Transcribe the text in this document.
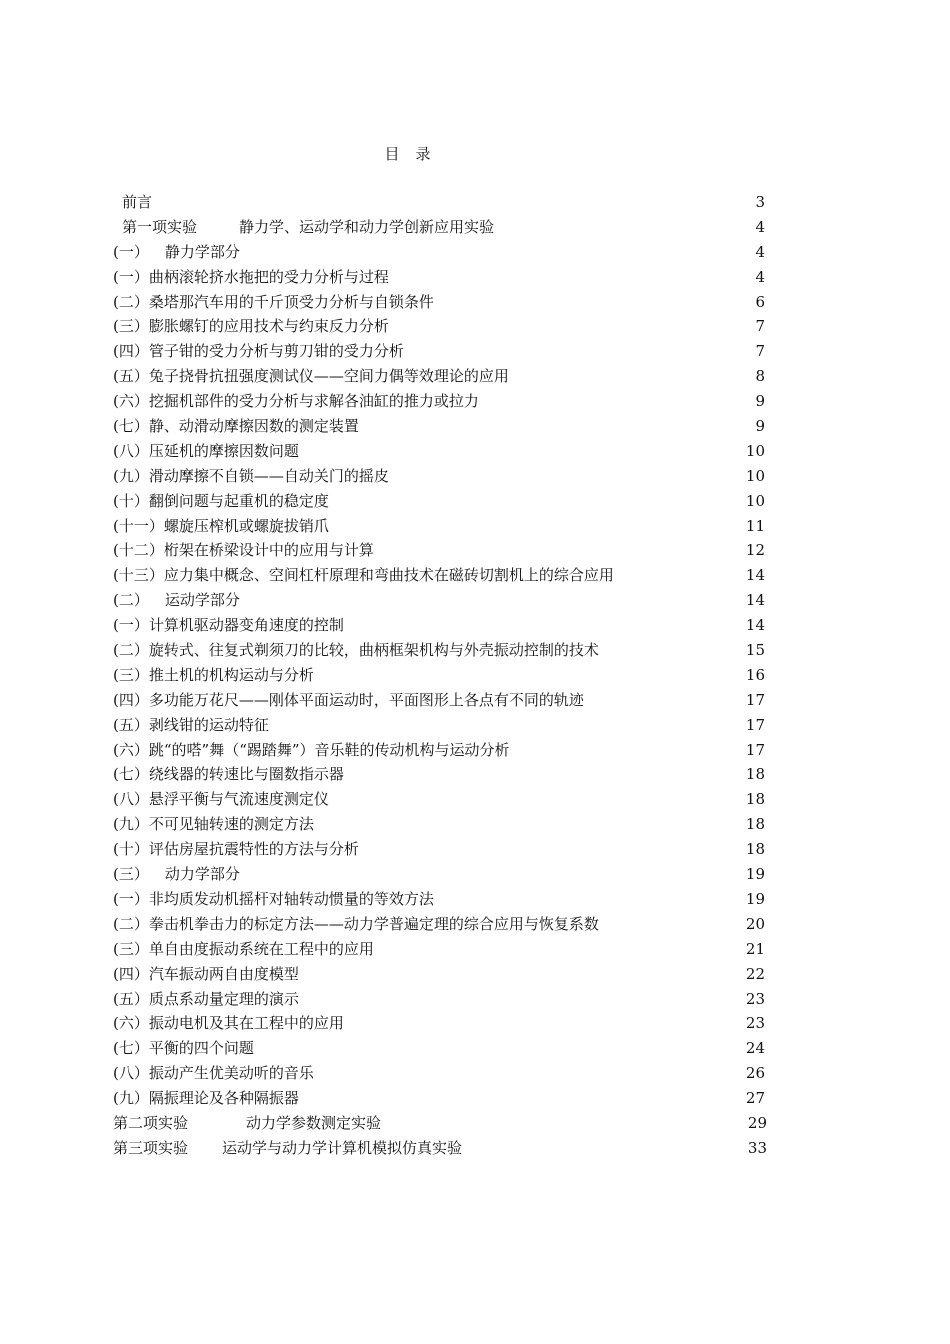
目 录
前言	3
第一项实验	静力学、运动学和动力学创新应用实验	4
(一） 静力学部分	4
(一）曲柄滚轮挤水拖把的受力分析与过程	4
(二）桑塔那汽车用的千斤顶受力分析与自锁条件	6
(三）膨胀螺钉的应用技术与约束反力分析	7
(四）管子钳的受力分析与剪刀钳的受力分析	7
(五）兔子挠骨抗扭强度测试仪——空间力偶等效理论的应用	8
(六）挖掘机部件的受力分析与求解各油缸的推力或拉力	9
(七）静、动滑动摩擦因数的测定装置	9
(八）压延机的摩擦因数问题	10
(九）滑动摩擦不自锁——自动关门的摇皮	10
(十）翻倒问题与起重机的稳定度	10
(十一）螺旋压榨机或螺旋拔销爪	11
(十二）桁架在桥梁设计中的应用与计算	12
(十三）应力集中概念、空间杠杆原理和弯曲技术在磁砖切割机上的综合应用	14
(二） 运动学部分	14
(一）计算机驱动器变角速度的控制	14
(二）旋转式、往复式剃须刀的比较，曲柄框架机构与外壳振动控制的技术	15
(三）推土机的机构运动与分析	16
(四）多功能万花尺——刚体平面运动时，平面图形上各点有不同的轨迹	17
(五）剥线钳的运动特征	17
(六）跳“的嗒”舞（“踢踏舞”）音乐鞋的传动机构与运动分析	17
(七）绕线器的转速比与圈数指示器	18
(八）悬浮平衡与气流速度测定仪	18
(九）不可见轴转速的测定方法	18
(十）评估房屋抗震特性的方法与分析	18
(三） 动力学部分	19
(一）非均质发动机摇杆对轴转动惯量的等效方法	19
(二）拳击机拳击力的标定方法——动力学普遍定理的综合应用与恢复系数	20
(三）单自由度振动系统在工程中的应用	21
(四）汽车振动两自由度模型	22
(五）质点系动量定理的演示	23
(六）振动电机及其在工程中的应用	23
(七）平衡的四个问题	24
(八）振动产生优美动听的音乐	26
(九）隔振理论及各种隔振器	27
第二项实验	动力学参数测定实验	29
第三项实验 运动学与动力学计算机模拟仿真实验	33
